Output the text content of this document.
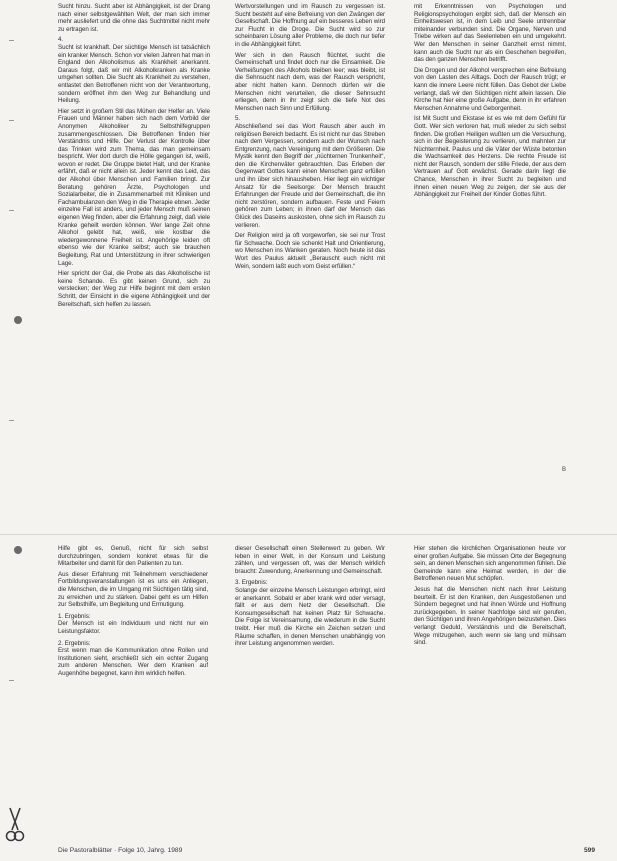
Sucht hinzu. Sucht aber ist Abhängigkeit, ist der Drang nach einer selbstgewählten Welt, der man sich immer mehr ausliefert und die ohne das Suchtmittel nicht mehr zu ertragen ist.

4.

Sucht ist krankhaft. Der süchtige Mensch ist tatsächlich ein kranker Mensch. Schon vor vielen Jahren hat man in England den Alkoholismus als Krankheit anerkannt. Daraus folgt, daß wir mit Alkoholkranken als Kranke umgehen sollten. Die Sucht als Krankheit zu verstehen, entlastet den Betroffenen nicht von der Verantwortung, sondern eröffnet ihm den Weg zur Behandlung und Heilung.

Hier setzt in großem Stil das Mühen der Helfer an. Viele Frauen und Männer haben sich nach dem Vorbild der Anonymen Alkoholiker zu Selbsthilfegruppen zusammengeschlossen. Die Betroffenen finden hier Verständnis und Hilfe. Der Verlust der Kontrolle über das Trinken wird zum Thema, das man gemeinsam bespricht. Wer dort durch die Hölle gegangen ist, weiß, wovon er redet. Die Gruppe bietet Halt, und der Kranke erfährt, daß er nicht allein ist. Jeder kennt das Leid, das der Alkohol über Menschen und Familien bringt. Zur Beratung gehören Ärzte, Psychologen und Sozialarbeiter, die in Zusammenarbeit mit Kliniken und Fachambulanzen den Weg in die Therapie ebnen. Jeder einzelne Fall ist anders, und jeder Mensch muß seinen eigenen Weg finden, aber die Erfahrung zeigt, daß viele Kranke geheilt werden können. Wer lange Zeit ohne Alkohol gelebt hat, weiß, wie kostbar die wiedergewonnene Freiheit ist. Angehörige leiden oft ebenso wie der Kranke selbst; auch sie brauchen Begleitung, Rat und Unterstützung in ihrer schwierigen Lage.

Hier spricht der Gal, die Probe als das Alkoholische ist keine Schande. Es gibt keinen Grund, sich zu verstecken; der Weg zur Hilfe beginnt mit dem ersten Schritt, der Einsicht in die eigene Abhängigkeit und der Bereitschaft, sich helfen zu lassen.

Wertvorstellungen und im Rausch zu vergessen ist. Sucht besteht auf eine Befreiung von den Zwängen der Gesellschaft. Die Hoffnung auf ein besseres Leben wird zur Flucht in die Droge. Die Sucht wird so zur scheinbaren Lösung aller Probleme, die doch nur tiefer in die Abhängigkeit führt.

Wer sich in den Rausch flüchtet, sucht die Gemeinschaft und findet doch nur die Einsamkeit. Die Verheißungen des Alkohols bleiben leer; was bleibt, ist die Sehnsucht nach dem, was der Rausch verspricht, aber nicht halten kann. Dennoch dürfen wir die Menschen nicht verurteilen, die dieser Sehnsucht erliegen, denn in ihr zeigt sich die tiefe Not des Menschen nach Sinn und Erfüllung.

5.

Abschließend sei das Wort Rausch aber auch im religiösen Bereich bedacht. Es ist nicht nur das Streben nach dem Vergessen, sondern auch der Wunsch nach Entgrenzung, nach Vereinigung mit dem Größeren. Die Mystik kennt den Begriff der „nüchternen Trunkenheit“, den die Kirchenväter gebrauchten. Das Erleben der Gegenwart Gottes kann einen Menschen ganz erfüllen und ihn über sich hinausheben. Hier liegt ein wichtiger Ansatz für die Seelsorge: Der Mensch braucht Erfahrungen der Freude und der Gemeinschaft, die ihn nicht zerstören, sondern aufbauen. Feste und Feiern gehören zum Leben; in ihnen darf der Mensch das Glück des Daseins auskosten, ohne sich im Rausch zu verlieren.

Der Religion wird ja oft vorgeworfen, sie sei nur Trost für Schwache. Doch sie schenkt Halt und Orientierung, wo Menschen ins Wanken geraten. Noch heute ist das Wort des Paulus aktuell: „Berauscht euch nicht mit Wein, sondern laßt euch vom Geist erfüllen.“

mit Erkenntnissen von Psychologen und Religionspsychologen ergibt sich, daß der Mensch ein Einheitswesen ist, in dem Leib und Seele untrennbar miteinander verbunden sind. Die Organe, Nerven und Triebe wirken auf das Seelenleben ein und umgekehrt. Wer den Menschen in seiner Ganzheit ernst nimmt, kann auch die Sucht nur als ein Geschehen begreifen, das den ganzen Menschen betrifft.

Die Drogen und der Alkohol versprechen eine Befreiung von den Lasten des Alltags. Doch der Rausch trügt; er kann die innere Leere nicht füllen. Das Gebot der Liebe verlangt, daß wir den Süchtigen nicht allein lassen. Die Kirche hat hier eine große Aufgabe, denn in ihr erfahren Menschen Annahme und Geborgenheit.

Ist Mit Sucht und Ekstase ist es wie mit dem Gefühl für Gott. Wer sich verloren hat, muß wieder zu sich selbst finden. Die großen Heiligen wußten um die Versuchung, sich in der Begeisterung zu verlieren, und mahnten zur Nüchternheit. Paulus und die Väter der Wüste betonten die Wachsamkeit des Herzens. Die rechte Freude ist nicht der Rausch, sondern der stille Friede, der aus dem Vertrauen auf Gott erwächst. Gerade darin liegt die Chance, Menschen in ihrer Sucht zu begleiten und ihnen einen neuen Weg zu zeigen, der sie aus der Abhängigkeit zur Freiheit der Kinder Gottes führt.

B

Hilfe gibt es, Genuß, nicht für sich selbst durchzubringen, sondern konkret etwas für die Mitarbeiter und damit für den Patienten zu tun.

Aus dieser Erfahrung mit Teilnehmern verschiedener Fortbildungsveranstaltungen ist es uns ein Anliegen, die Menschen, die im Umgang mit Süchtigen tätig sind, zu erreichen und zu stärken. Dabei geht es um Hilfen zur Selbsthilfe, um Begleitung und Ermutigung.

1. Ergebnis:

Der Mensch ist ein Individuum und nicht nur ein Leistungsfaktor.

2. Ergebnis:

Erst wenn man die Kommunikation ohne Rollen und Institutionen sieht, erschließt sich ein echter Zugang zum anderen Menschen. Wer dem Kranken auf Augenhöhe begegnet, kann ihm wirklich helfen.

dieser Gesellschaft einen Stellenwert zu geben. Wir leben in einer Welt, in der Konsum und Leistung zählen, und vergessen oft, was der Mensch wirklich braucht: Zuwendung, Anerkennung und Gemeinschaft.

3. Ergebnis:

Solange der einzelne Mensch Leistungen erbringt, wird er anerkannt. Sobald er aber krank wird oder versagt, fällt er aus dem Netz der Gesellschaft. Die Konsumgesellschaft hat keinen Platz für Schwache. Die Folge ist Vereinsamung, die wiederum in die Sucht treibt. Hier muß die Kirche ein Zeichen setzen und Räume schaffen, in denen Menschen unabhängig von ihrer Leistung angenommen werden.

Hier stehen die kirchlichen Organisationen heute vor einer großen Aufgabe. Sie müssen Orte der Begegnung sein, an denen Menschen sich angenommen fühlen. Die Gemeinde kann eine Heimat werden, in der die Betroffenen neuen Mut schöpfen.

Jesus hat die Menschen nicht nach ihrer Leistung beurteilt. Er ist den Kranken, den Ausgestoßenen und Sündern begegnet und hat ihnen Würde und Hoffnung zurückgegeben. In seiner Nachfolge sind wir gerufen, den Süchtigen und ihren Angehörigen beizustehen. Dies verlangt Geduld, Verständnis und die Bereitschaft, Wege mitzugehen, auch wenn sie lang und mühsam sind.

Die Pastoralblätter · Folge 10, Jahrg. 1989	599
